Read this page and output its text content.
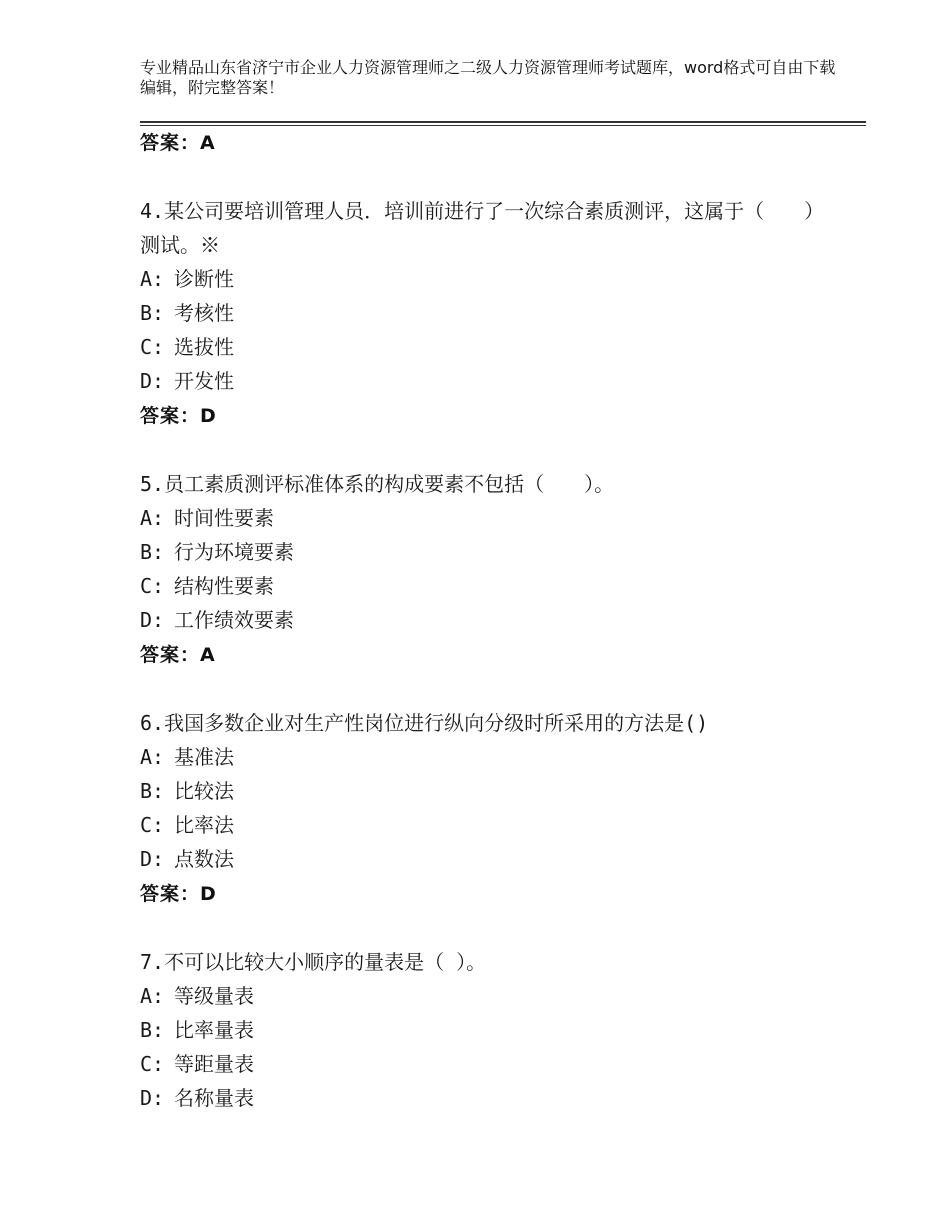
专业精品山东省济宁市企业人力资源管理师之二级人力资源管理师考试题库，word格式可自由下载编辑，附完整答案！
答案：A
4.某公司要培训管理人员．培训前进行了一次综合素质测评，这属于（　　）测试。※
A: 诊断性
B: 考核性
C: 选拔性
D: 开发性
答案：D
5.员工素质测评标准体系的构成要素不包括（　　）。
A: 时间性要素
B: 行为环境要素
C: 结构性要素
D: 工作绩效要素
答案：A
6.我国多数企业对生产性岗位进行纵向分级时所采用的方法是()
A: 基准法
B: 比较法
C: 比率法
D: 点数法
答案：D
7.不可以比较大小顺序的量表是（ ）。
A: 等级量表
B: 比率量表
C: 等距量表
D: 名称量表
